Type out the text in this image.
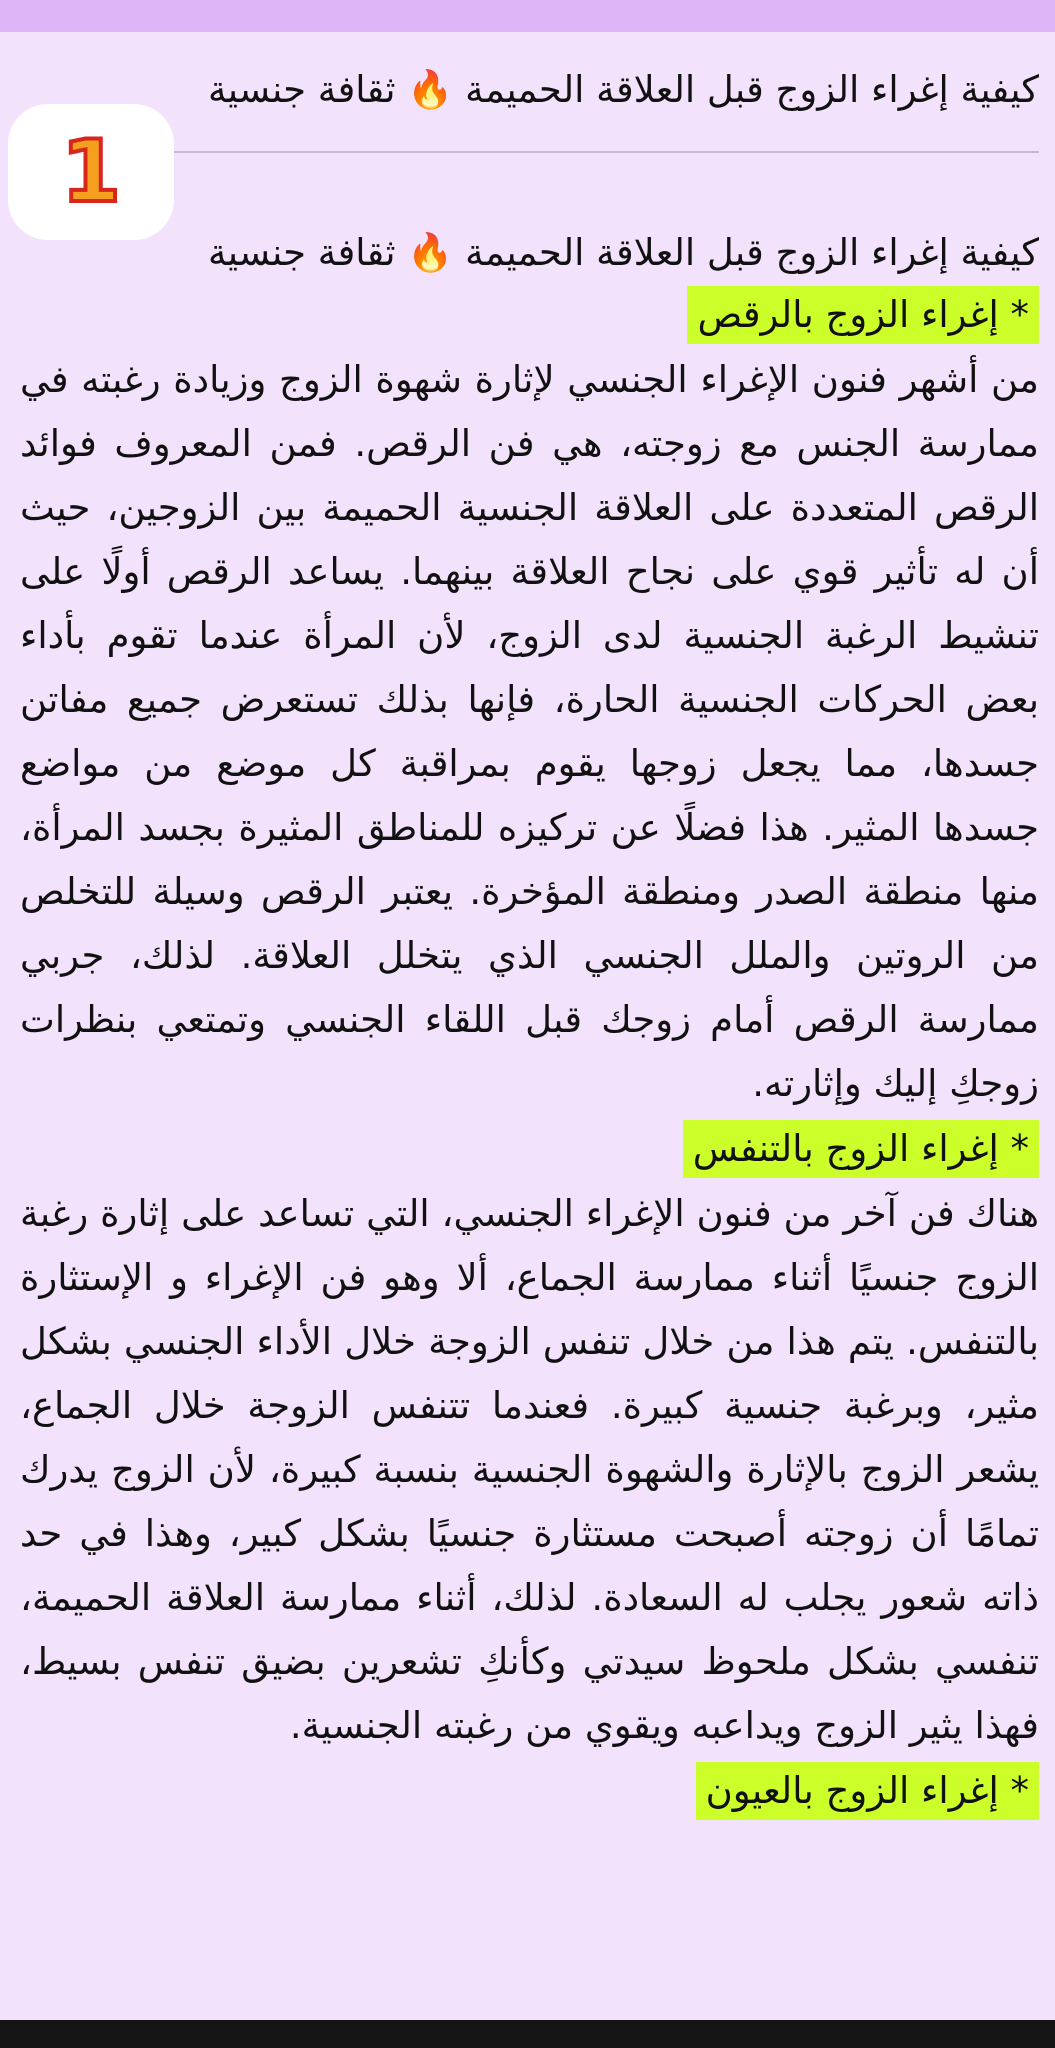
كيفية إغراء الزوج قبل العلاقة الحميمة 🔥 ثقافة جنسية
1
كيفية إغراء الزوج قبل العلاقة الحميمة 🔥 ثقافة جنسية
* إغراء الزوج بالرقص

من أشهر فنون الإغراء الجنسي لإثارة شهوة الزوج وزيادة رغبته في ممارسة الجنس مع زوجته، هي فن الرقص. فمن المعروف فوائد الرقص المتعددة على العلاقة الجنسية الحميمة بين الزوجين، حيث أن له تأثير قوي على نجاح العلاقة بينهما. يساعد الرقص أولًا على تنشيط الرغبة الجنسية لدى الزوج، لأن المرأة عندما تقوم بأداء بعض الحركات الجنسية الحارة، فإنها بذلك تستعرض جميع مفاتن جسدها، مما يجعل زوجها يقوم بمراقبة كل موضع من مواضع جسدها المثير. هذا فضلًا عن تركيزه للمناطق المثيرة بجسد المرأة، منها منطقة الصدر ومنطقة المؤخرة. يعتبر الرقص وسيلة للتخلص من الروتين والملل الجنسي الذي يتخلل العلاقة. لذلك، جربي ممارسة الرقص أمام زوجك قبل اللقاء الجنسي وتمتعي بنظرات زوجكِ إليك وإثارته.

* إغراء الزوج بالتنفس

هناك فن آخر من فنون الإغراء الجنسي، التي تساعد على إثارة رغبة الزوج جنسيًا أثناء ممارسة الجماع، ألا وهو فن الإغراء و الإستثارة بالتنفس. يتم هذا من خلال تنفس الزوجة خلال الأداء الجنسي بشكل مثير، وبرغبة جنسية كبيرة. فعندما تتنفس الزوجة خلال الجماع، يشعر الزوج بالإثارة والشهوة الجنسية بنسبة كبيرة، لأن الزوج يدرك تمامًا أن زوجته أصبحت مستثارة جنسيًا بشكل كبير، وهذا في حد ذاته شعور يجلب له السعادة. لذلك، أثناء ممارسة العلاقة الحميمة، تنفسي بشكل ملحوظ سيدتي وكأنكِ تشعرين بضيق تنفس بسيط، فهذا يثير الزوج ويداعبه ويقوي من رغبته الجنسية.

* إغراء الزوج بالعيون
